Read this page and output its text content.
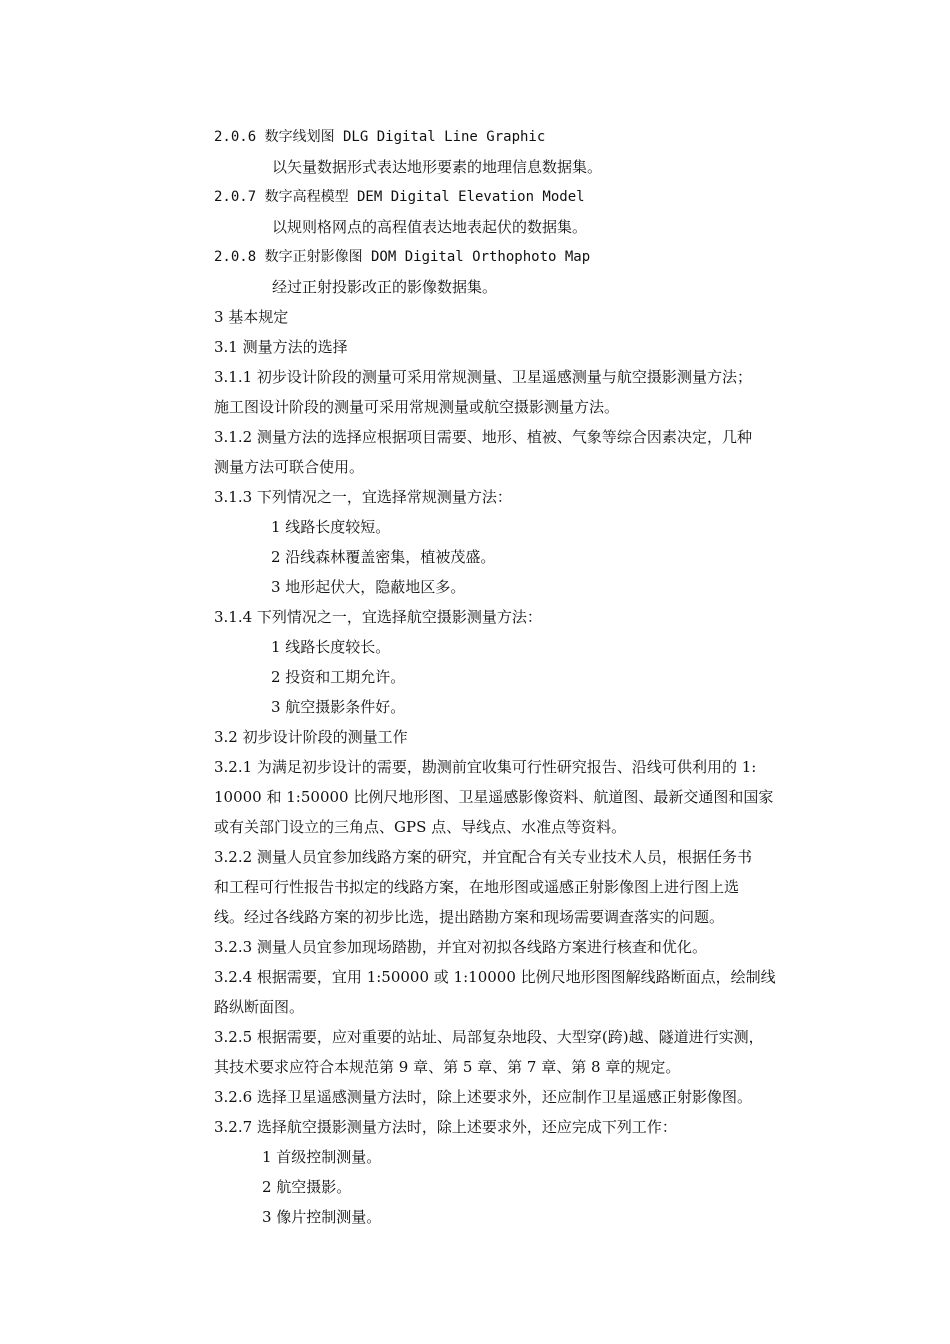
2.0.6 数字线划图 DLG Digital Line Graphic
以矢量数据形式表达地形要素的地理信息数据集。
2.0.7 数字高程模型 DEM Digital Elevation Model
以规则格网点的高程值表达地表起伏的数据集。
2.0.8 数字正射影像图 DOM Digital Orthophoto Map
经过正射投影改正的影像数据集。
3 基本规定
3.1 测量方法的选择
3.1.1 初步设计阶段的测量可采用常规测量、卫星遥感测量与航空摄影测量方法；
施工图设计阶段的测量可采用常规测量或航空摄影测量方法。
3.1.2 测量方法的选择应根据项目需要、地形、植被、气象等综合因素决定，几种
测量方法可联合使用。
3.1.3 下列情况之一，宜选择常规测量方法：
1 线路长度较短。
2 沿线森林覆盖密集，植被茂盛。
3 地形起伏大，隐蔽地区多。
3.1.4 下列情况之一，宜选择航空摄影测量方法：
1 线路长度较长。
2 投资和工期允许。
3 航空摄影条件好。
3.2 初步设计阶段的测量工作
3.2.1 为满足初步设计的需要，勘测前宜收集可行性研究报告、沿线可供利用的 1:
10000 和 1:50000 比例尺地形图、卫星遥感影像资料、航道图、最新交通图和国家
或有关部门设立的三角点、GPS 点、导线点、水准点等资料。
3.2.2 测量人员宜参加线路方案的研究，并宜配合有关专业技术人员，根据任务书
和工程可行性报告书拟定的线路方案，在地形图或遥感正射影像图上进行图上选
线。经过各线路方案的初步比选，提出踏勘方案和现场需要调查落实的问题。
3.2.3 测量人员宜参加现场踏勘，并宜对初拟各线路方案进行核查和优化。
3.2.4 根据需要，宜用 1:50000 或 1:10000 比例尺地形图图解线路断面点，绘制线
路纵断面图。
3.2.5 根据需要，应对重要的站址、局部复杂地段、大型穿(跨)越、隧道进行实测，
其技术要求应符合本规范第 9 章、第 5 章、第 7 章、第 8 章的规定。
3.2.6 选择卫星遥感测量方法时，除上述要求外，还应制作卫星遥感正射影像图。
3.2.7 选择航空摄影测量方法时，除上述要求外，还应完成下列工作：
1 首级控制测量。
2 航空摄影。
3 像片控制测量。
